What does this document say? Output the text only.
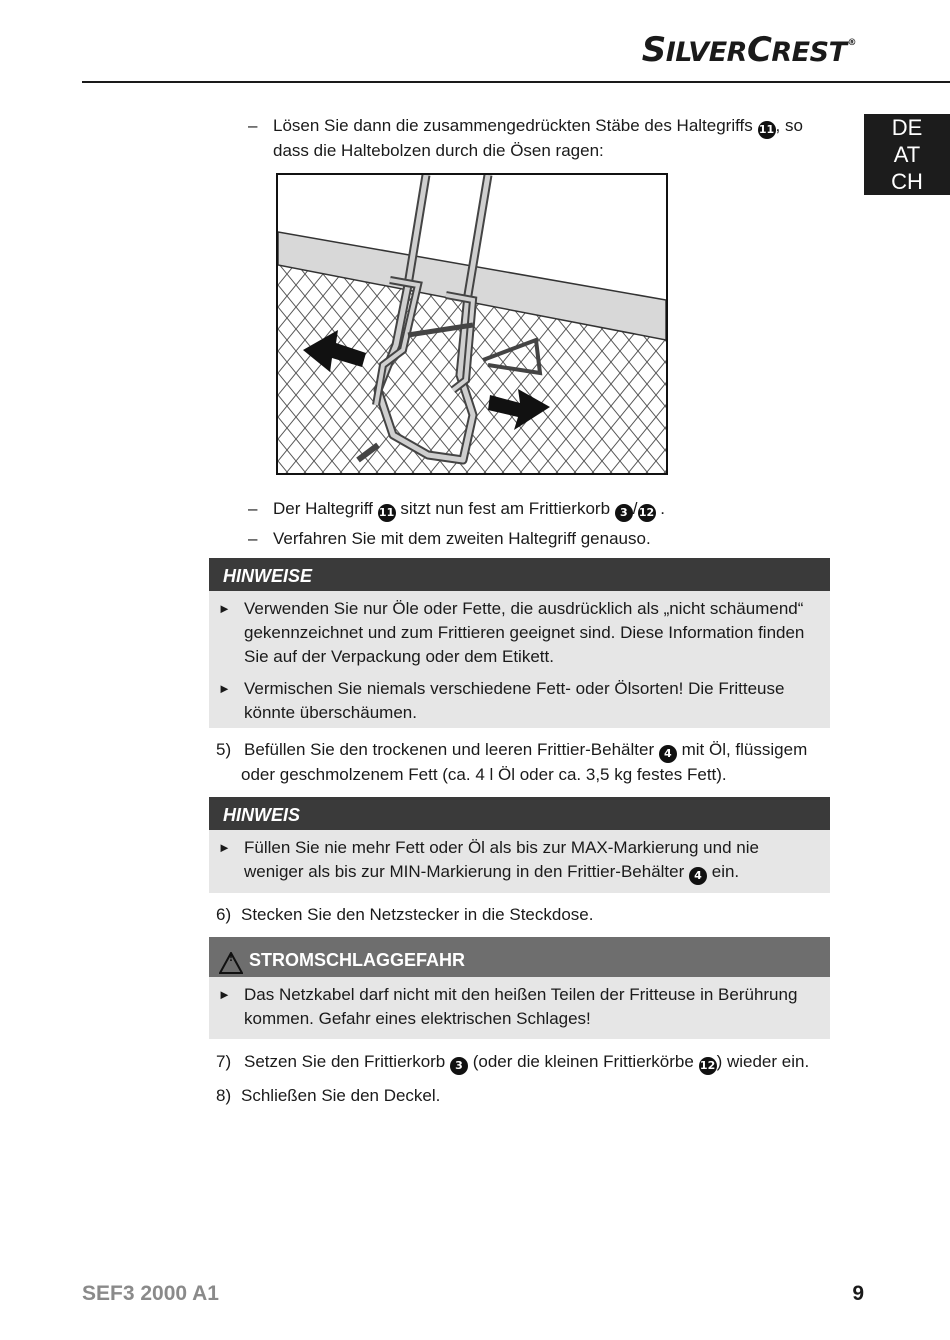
SILVERCREST®
DE
AT
CH
– Lösen Sie dann die zusammengedrückten Stäbe des Haltegriffs 11, so
dass die Haltebolzen durch die Ösen ragen:
– Der Haltegriff 11 sitzt nun fest am Frittierkorb 3 /12 .
– Verfahren Sie mit dem zweiten Haltegriff genauso.
HINWEISE
► Verwenden Sie nur Öle oder Fette, die ausdrücklich als „nicht schäumend“
gekennzeichnet und zum Frittieren geeignet sind. Diese Information finden
Sie auf der Verpackung oder dem Etikett.
► Vermischen Sie niemals verschiedene Fett- oder Ölsorten! Die Fritteuse
könnte überschäumen.
5) Befüllen Sie den trockenen und leeren Frittier-Behälter 4 mit Öl, flüssigem
oder geschmolzenem Fett (ca. 4 l Öl oder ca. 3,5 kg festes Fett).
HINWEIS
► Füllen Sie nie mehr Fett oder Öl als bis zur MAX-Markierung und nie
weniger als bis zur MIN-Markierung in den Frittier-Behälter 4 ein.
6) Stecken Sie den Netzstecker in die Steckdose.
! STROMSCHLAGGEFAHR
► Das Netzkabel darf nicht mit den heißen Teilen der Fritteuse in Berührung
kommen. Gefahr eines elektrischen Schlages!
7) Setzen Sie den Frittierkorb 3 (oder die kleinen Frittierkörbe 12) wieder ein.
8) Schließen Sie den Deckel.
SEF3 2000 A1	9
